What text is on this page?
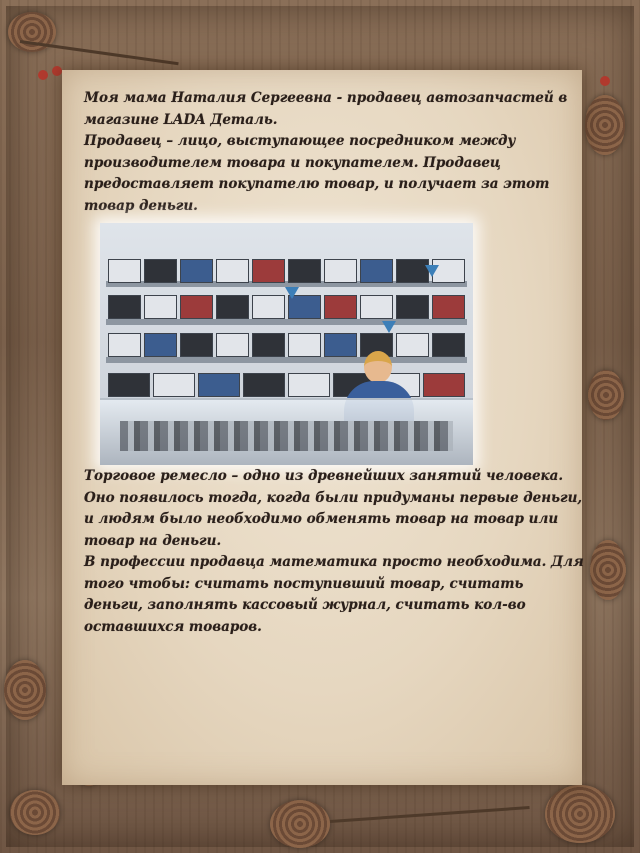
Моя мама Наталия Сергеевна - продавец автозапчастей в магазине LADA Детaль.

Продавец – лицо, выступающее посредником между производителем товара и покупателем. Продавец предоставляет покупателю товар, и получает за этот товар деньги.

Торговое ремесло – одно из древнейших занятий человека. Оно появилось тогда, когда были придуманы первые деньги, и людям было необходимо обменять товар на товар или товар на деньги.

В профессии продавца математика просто необходима. Для того чтобы: считать поступивший товар, считать деньги, заполнять кассовый журнал, считать кол-во оставшихся товаров.
